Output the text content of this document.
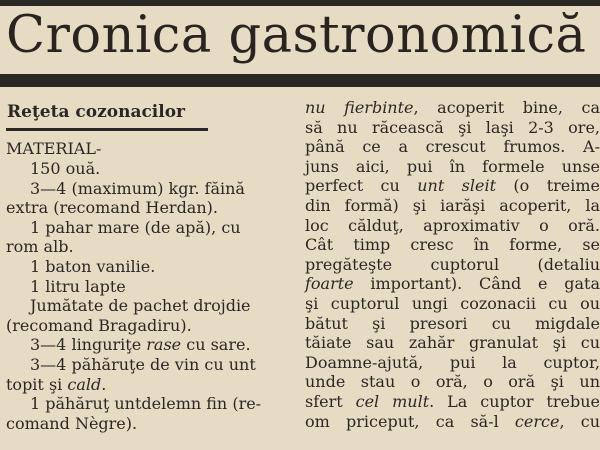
Cronica gastronomică
Reţeta cozonacilor
MATERIAL-
150 ouă.
3—4 (maximum) kgr. făină
extra (recomand Herdan).
1 pahar mare (de apă), cu
rom alb.
1 baton vanilie.
1 litru lapte
Jumătate de pachet drojdie
(recomand Bragadiru).
3—4 linguriţe rase cu sare.
3—4 păhăruţe de vin cu unt
topit şi cald.
1 păhăruţ untdelemn fin (re-
comand Nègre).
nu fierbinte, acoperit bine, ca
să nu răcească şi laşi 2-3 ore,
până ce a crescut frumos. A-
juns aici, pui în formele unse
perfect cu unt sleit (o treime
din formă) şi iarăşi acoperit, la
loc călduţ, aproximativ o oră.
Cât timp cresc în forme, se
pregăteşte cuptorul (detaliu
foarte important). Când e gata
şi cuptorul ungi cozonacii cu ou
bătut şi presori cu migdale
tăiate sau zahăr granulat şi cu
Doamne-ajută, pui la cuptor,
unde stau o oră, o oră şi un
sfert cel mult. La cuptor trebue
om priceput, ca să-l cerce, cu
